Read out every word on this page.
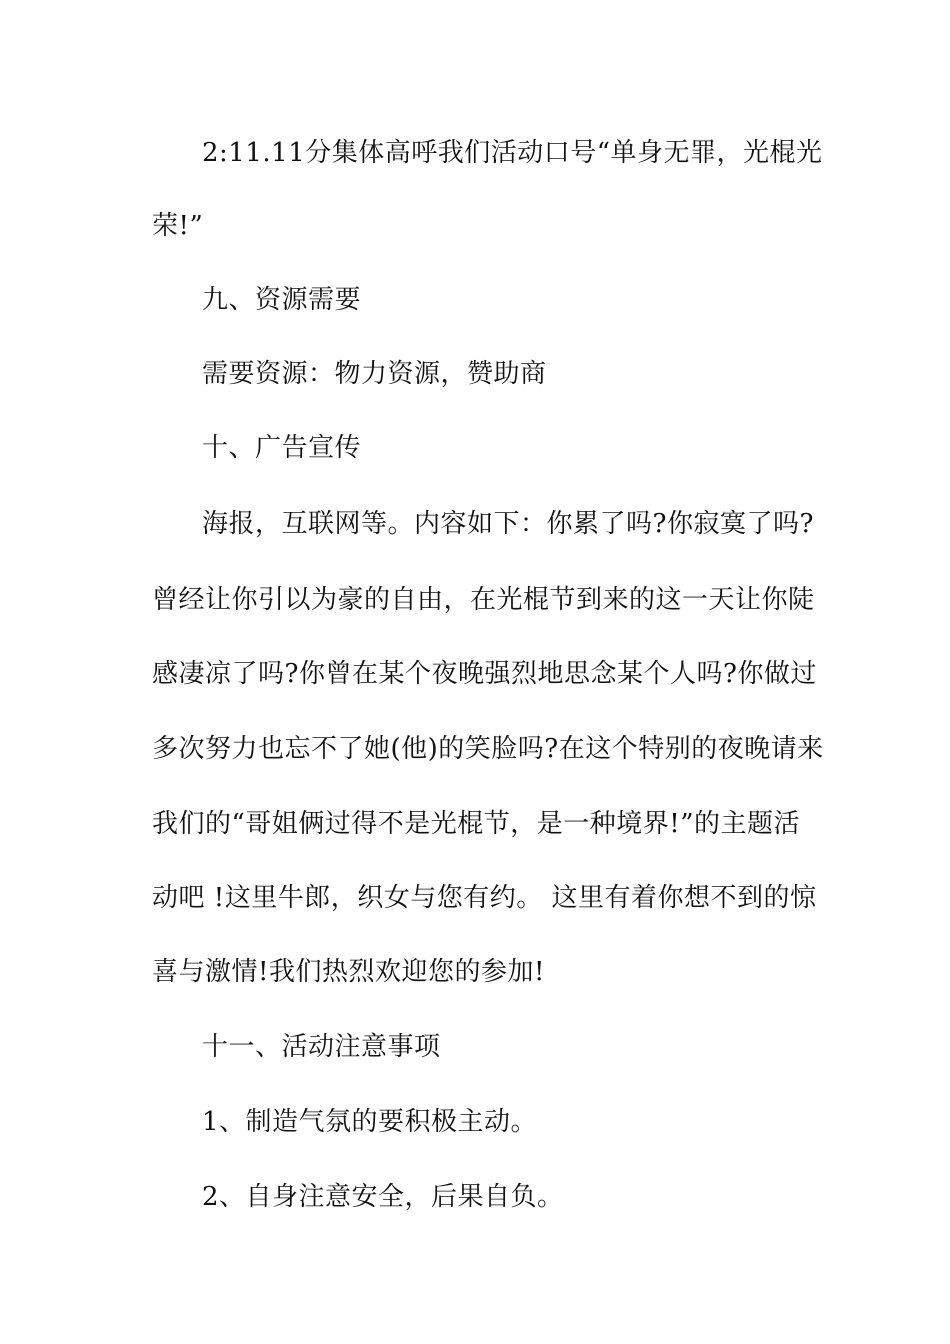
2:11.11分集体高呼我们活动口号“单身无罪，光棍光
荣!”
九、资源需要
需要资源：物力资源，赞助商
十、广告宣传
海报，互联网等。内容如下：你累了吗?你寂寞了吗?
曾经让你引以为豪的自由，在光棍节到来的这一天让你陡
感凄凉了吗?你曾在某个夜晚强烈地思念某个人吗?你做过
多次努力也忘不了她(他)的笑脸吗?在这个特别的夜晚请来
我们的“哥姐俩过得不是光棍节，是一种境界!”的主题活
动吧 !这里牛郎，织女与您有约。 这里有着你想不到的惊
喜与激情!我们热烈欢迎您的参加!
十一、活动注意事项
1、制造气氛的要积极主动。
2、自身注意安全，后果自负。
